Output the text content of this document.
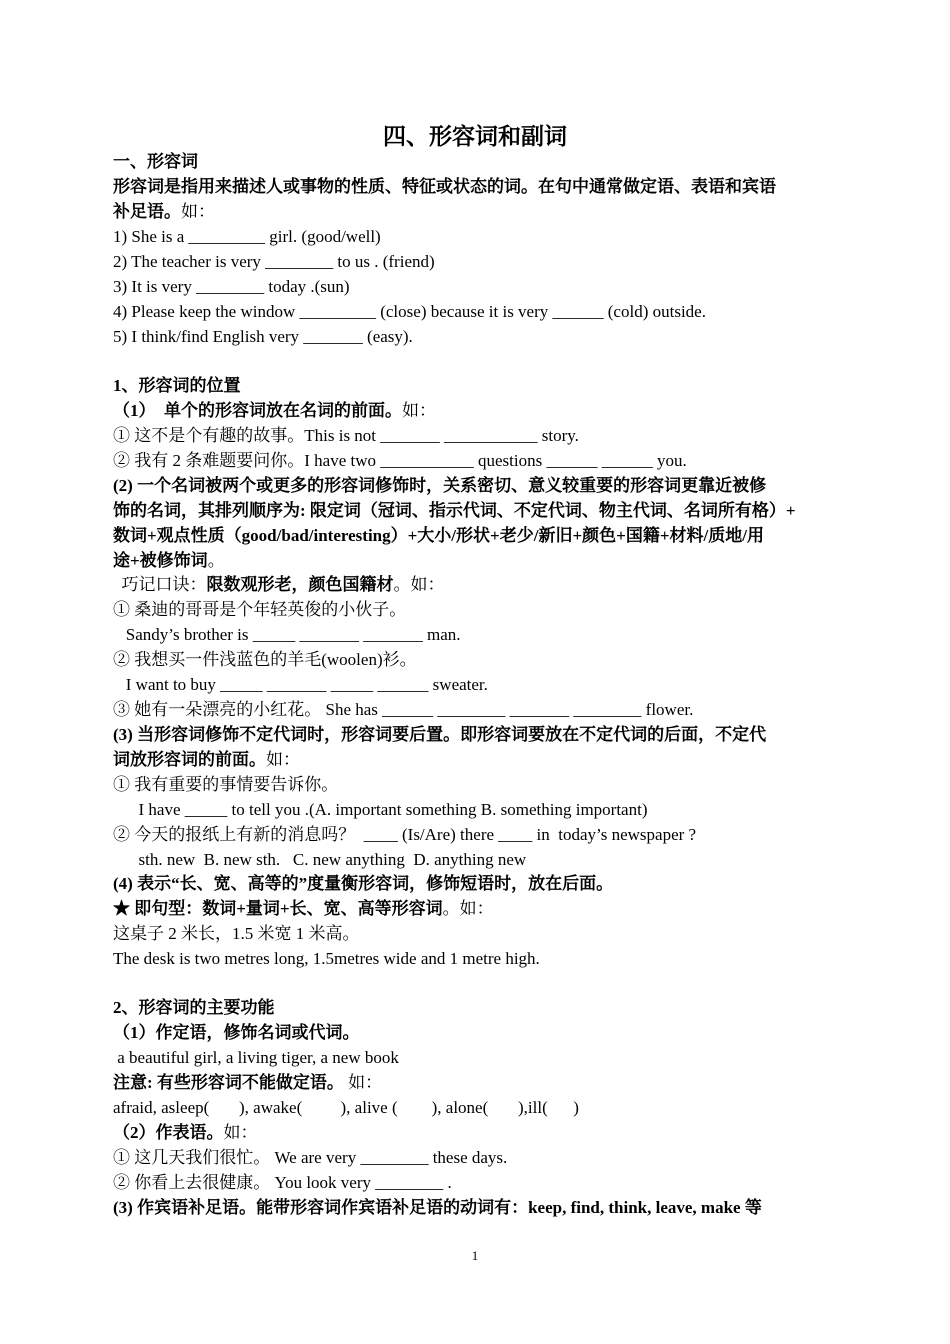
四、形容词和副词
一、形容词
形容词是指用来描述人或事物的性质、特征或状态的词。在句中通常做定语、表语和宾语
补足语。如：
1) She is a _________ girl. (good/well)
2) The teacher is very ________ to us . (friend)
3) It is very ________ today .(sun)
4) Please keep the window _________ (close) because it is very ______ (cold) outside.
5) I think/find English very _______ (easy).
1、形容词的位置
（1）  单个的形容词放在名词的前面。如：
① 这不是个有趣的故事。This is not _______ ___________ story.
② 我有 2 条难题要问你。I have two ___________ questions ______ ______ you.
(2) 一个名词被两个或更多的形容词修饰时，关系密切、意义较重要的形容词更靠近被修
饰的名词，其排列顺序为: 限定词（冠词、指示代词、不定代词、物主代词、名词所有格）+
数词+观点性质（good/bad/interesting）+大小/形状+老少/新旧+颜色+国籍+材料/质地/用
途+被修饰词。
巧记口诀：限数观形老，颜色国籍材。如：
① 桑迪的哥哥是个年轻英俊的小伙子。
Sandy’s brother is _____ _______ _______ man.
② 我想买一件浅蓝色的羊毛(woolen)衫。
I want to buy _____ _______ _____ ______ sweater.
③ 她有一朵漂亮的小红花。 She has ______ ________ _______ ________ flower.
(3) 当形容词修饰不定代词时，形容词要后置。即形容词要放在不定代词的后面，不定代
词放形容词的前面。如：
① 我有重要的事情要告诉你。
I have _____ to tell you .(A. important something B. something important)
② 今天的报纸上有新的消息吗？  ____ (Is/Are) there ____ in  today’s newspaper ?
sth. new  B. new sth.   C. new anything  D. anything new
(4) 表示“长、宽、高等的”度量衡形容词，修饰短语时，放在后面。
★ 即句型：数词+量词+长、宽、高等形容词。如：
这桌子 2 米长，1.5 米宽 1 米高。
The desk is two metres long, 1.5metres wide and 1 metre high.
2、形容词的主要功能
（1）作定语，修饰名词或代词。
a beautiful girl, a living tiger, a new book
注意: 有些形容词不能做定语。 如：
afraid, asleep(       ), awake(         ), alive (        ), alone(       ),ill(      )
（2）作表语。如：
① 这几天我们很忙。 We are very ________ these days.
② 你看上去很健康。 You look very ________ .
(3) 作宾语补足语。能带形容词作宾语补足语的动词有：keep, find, think, leave, make 等
1
